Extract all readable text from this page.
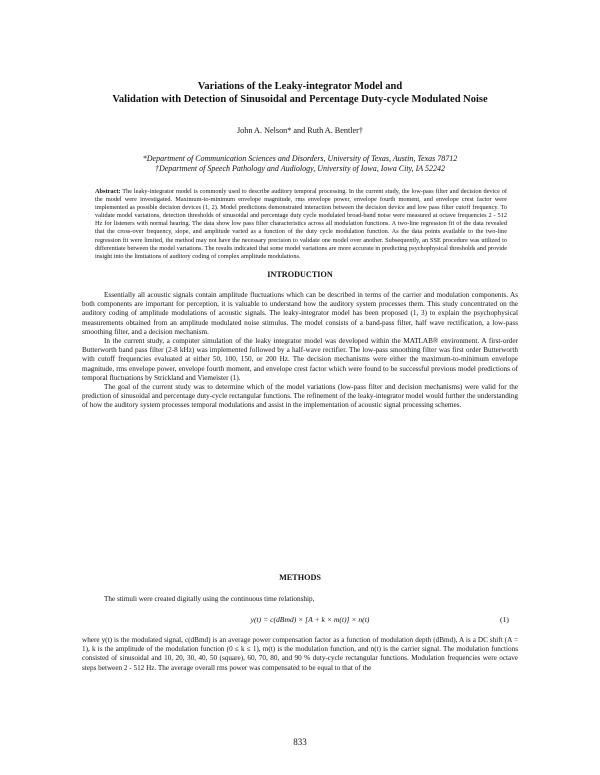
Variations of the Leaky-integrator Model and
Validation with Detection of Sinusoidal and Percentage Duty-cycle Modulated Noise
John A. Nelson* and Ruth A. Bentler†
*Department of Communication Sciences and Disorders, University of Texas, Austin, Texas 78712
†Department of Speech Pathology and Audiology, University of Iowa, Iowa City, IA 52242
Abstract: The leaky-integrator model is commonly used to describe auditory temporal processing. In the current study, the low-pass filter and decision device of the model were investigated. Maximum-to-minimum envelope magnitude, rms envelope power, envelope fourth moment, and envelope crest factor were implemented as possible decision devices (1, 2). Model predictions demonstrated interaction between the decision device and low pass filter cutoff frequency. To validate model variations, detection thresholds of sinusoidal and percentage duty cycle modulated broad-band noise were measured at octave frequencies 2 - 512 Hz for listeners with normal hearing. The data show low pass filter characteristics across all modulation functions. A two-line regression fit of the data revealed that the cross-over frequency, slope, and amplitude varied as a function of the duty cycle modulation function. As the data points available to the two-line regression fit were limited, the method may not have the necessary precision to validate one model over another. Subsequently, an SSE procedure was utilized to differentiate between the model variations. The results indicated that some model variations are more accurate in predicting psychophysical thresholds and provide insight into the limitations of auditory coding of complex amplitude modulations.
INTRODUCTION

Essentially all acoustic signals contain amplitude fluctuations which can be described in terms of the carrier and modulation components. As both components are important for perception, it is valuable to understand how the auditory system processes them. This study concentrated on the auditory coding of amplitude modulations of acoustic signals. The leaky-integrator model has been proposed (1, 3) to explain the psychophysical measurements obtained from an amplitude modulated noise stimulus. The model consists of a band-pass filter, half wave rectification, a low-pass smoothing filter, and a decision mechanism.

In the current study, a computer simulation of the leaky integrator model was developed within the MATLAB® environment. A first-order Butterworth band pass filter (2-8 kHz) was implemented followed by a half-wave rectifier. The low-pass smoothing filter was first order Butterworth with cutoff frequencies evaluated at either 50, 100, 150, or 200 Hz. The decision mechanisms were either the maximum-to-minimum envelope magnitude, rms envelope power, envelope fourth moment, and envelope crest factor which were found to be successful previous model predictions of temporal fluctuations by Strickland and Viemeister (1).

The goal of the current study was to determine which of the model variations (low-pass filter and decision mechanisms) were valid for the prediction of sinusoidal and percentage duty-cycle rectangular functions. The refinement of the leaky-integrator model would further the understanding of how the auditory system processes temporal modulations and assist in the implementation of acoustic signal processing schemes.

METHODS
The stimuli were created digitally using the continuous time relationship,
y(t) = c(dBmd) × [A + k × m(t)] × n(t)	(1)

where y(t) is the modulated signal, c(dBmd) is an average power compensation factor as a function of modulation depth (dBmd), A is a DC shift (A = 1), k is the amplitude of the modulation function (0 ≤ k ≤ 1), m(t) is the modulation function, and n(t) is the carrier signal. The modulation functions consisted of sinusoidal and 10, 20, 30, 40, 50 (square), 60, 70, 80, and 90 % duty-cycle rectangular functions. Modulation frequencies were octave steps between 2 - 512 Hz. The average overall rms power was compensated to be equal to that of the

833
